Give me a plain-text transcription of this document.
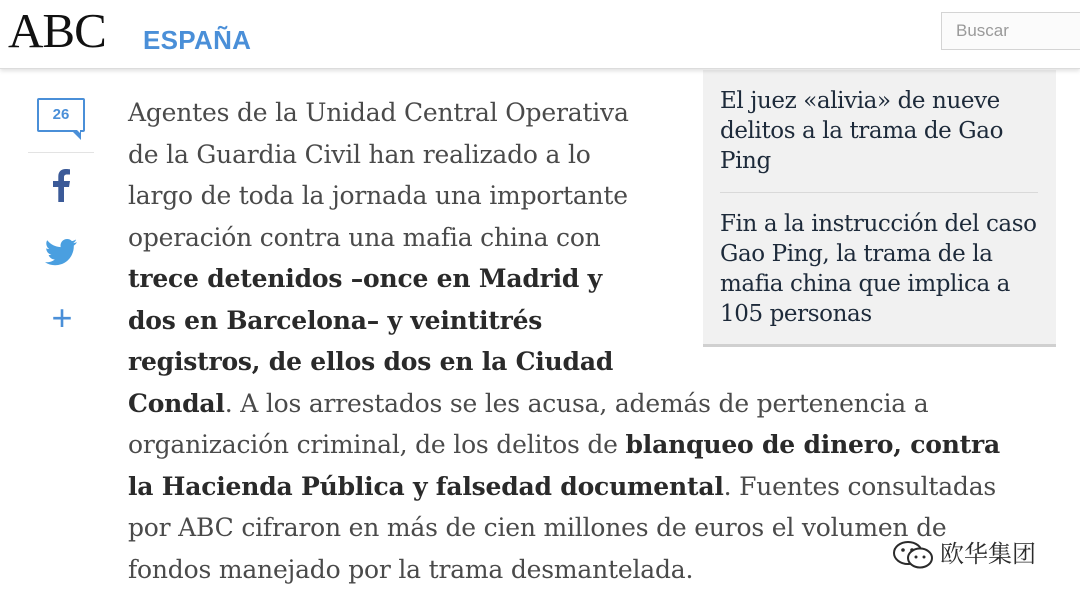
ABC ESPAÑA
Buscar
26
+

El juez «alivia» de nueve delitos a la trama de Gao Ping

Fin a la instrucción del caso Gao Ping, la trama de la mafia china que implica a 105 personas

Agentes de la Unidad Central Operativa
de la Guardia Civil han realizado a lo
largo de toda la jornada una importante
operación contra una mafia china con
trece detenidos –once en Madrid y
dos en Barcelona– y veintitrés
registros, de ellos dos en la Ciudad
Condal. A los arrestados se les acusa, además de pertenencia a
organización criminal, de los delitos de blanqueo de dinero, contra
la Hacienda Pública y falsedad documental. Fuentes consultadas
por ABC cifraron en más de cien millones de euros el volumen de
fondos manejado por la trama desmantelada.
欧华集团
